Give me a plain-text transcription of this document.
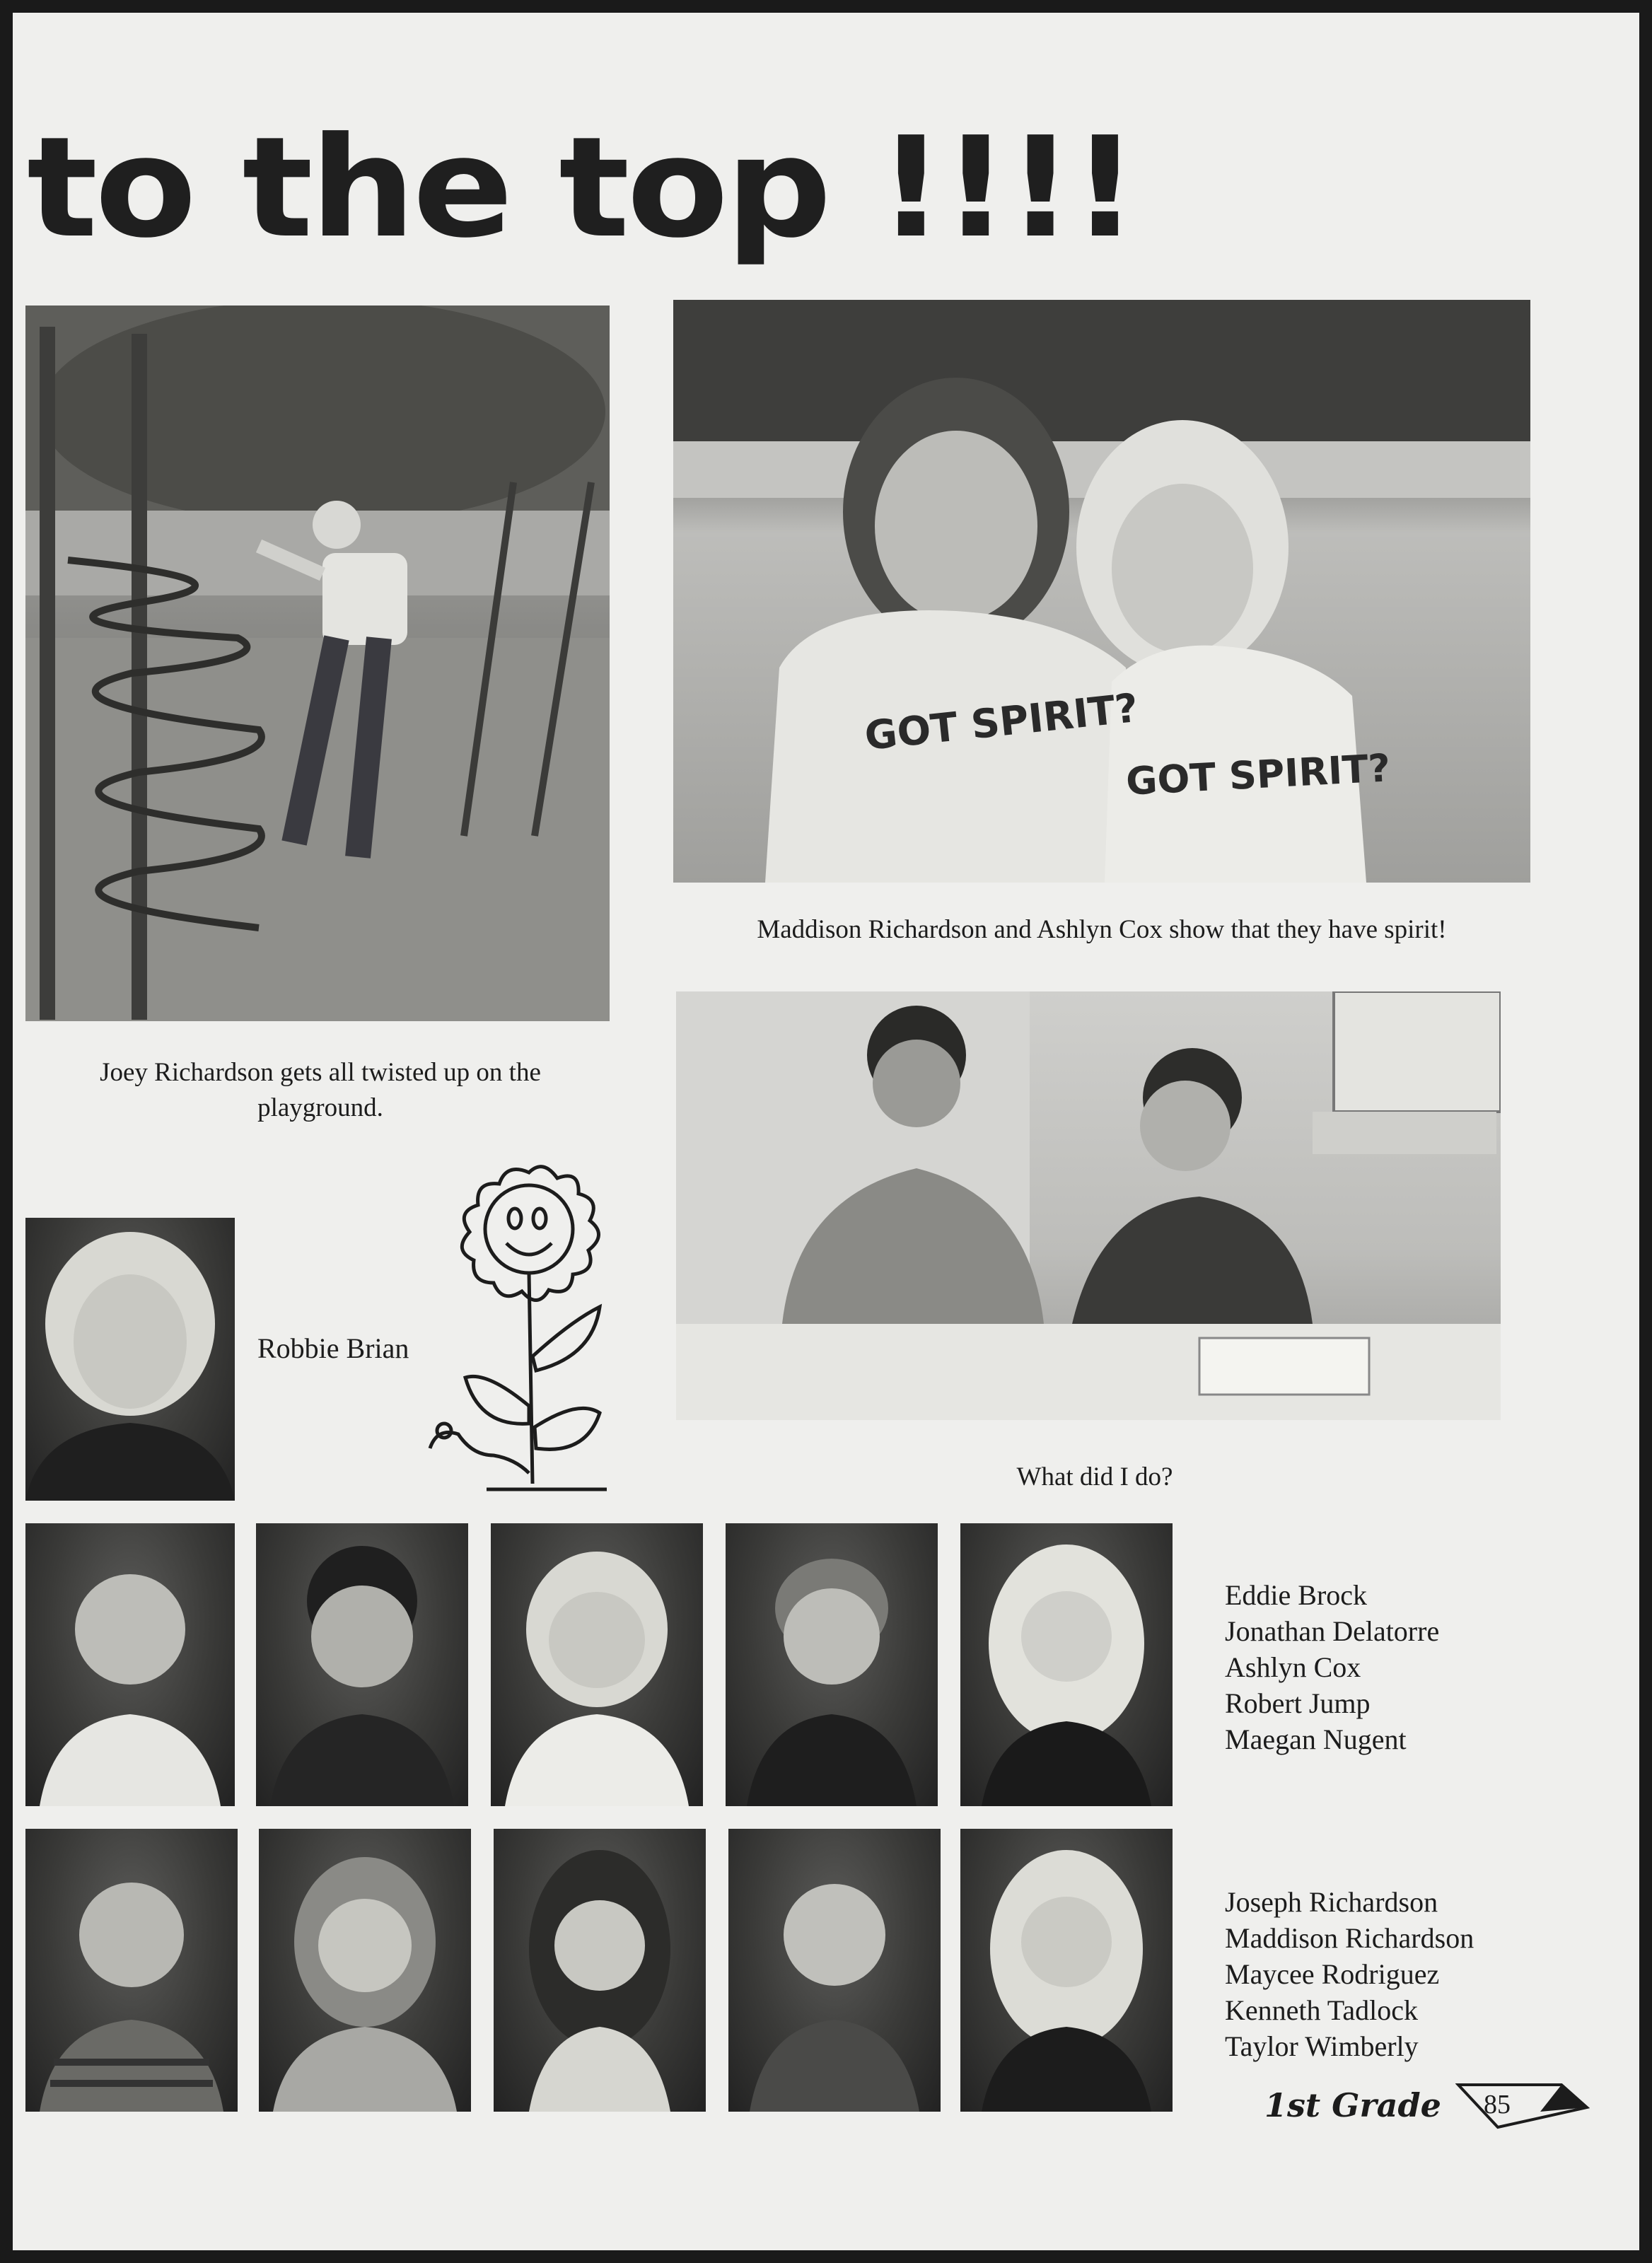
to the top !!!!
Joey Richardson gets all twisted up on the playground.
GOT SPIRIT?
GOT SPIRIT?
Maddison Richardson and Ashlyn Cox show that they have spirit!
What did I do?
Robbie Brian
Eddie Brock
Jonathan Delatorre
Ashlyn Cox
Robert Jump
Maegan Nugent
Joseph Richardson
Maddison Richardson
Maycee Rodriguez
Kenneth Tadlock
Taylor Wimberly
1st Grade 85
